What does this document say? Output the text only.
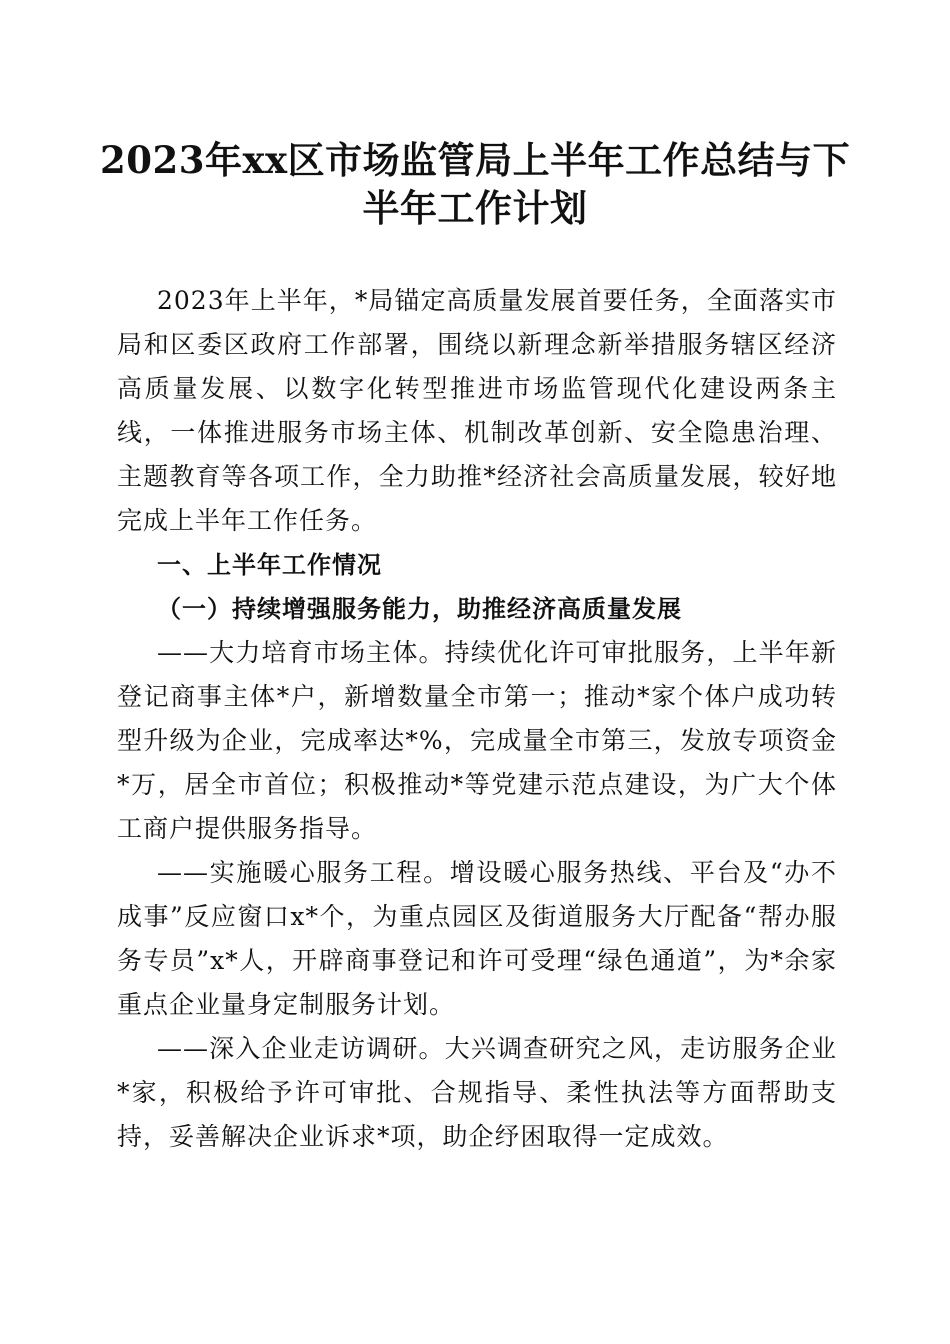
2023年xx区市场监管局上半年工作总结与下
半年工作计划

2023年上半年，*局锚定高质量发展首要任务，全面落实市局和区委区政府工作部署，围绕以新理念新举措服务辖区经济高质量发展、以数字化转型推进市场监管现代化建设两条主线，一体推进服务市场主体、机制改革创新、安全隐患治理、主题教育等各项工作，全力助推*经济社会高质量发展，较好地完成上半年工作任务。

一、上半年工作情况

（一）持续增强服务能力，助推经济高质量发展

——大力培育市场主体。持续优化许可审批服务，上半年新登记商事主体*户，新增数量全市第一；推动*家个体户成功转型升级为企业，完成率达*%，完成量全市第三，发放专项资金*万，居全市首位；积极推动*等党建示范点建设，为广大个体工商户提供服务指导。

——实施暖心服务工程。增设暖心服务热线、平台及“办不成事”反应窗口x*个，为重点园区及街道服务大厅配备“帮办服务专员”x*人，开辟商事登记和许可受理“绿色通道”，为*余家重点企业量身定制服务计划。

——深入企业走访调研。大兴调查研究之风，走访服务企业*家，积极给予许可审批、合规指导、柔性执法等方面帮助支持，妥善解决企业诉求*项，助企纾困取得一定成效。
